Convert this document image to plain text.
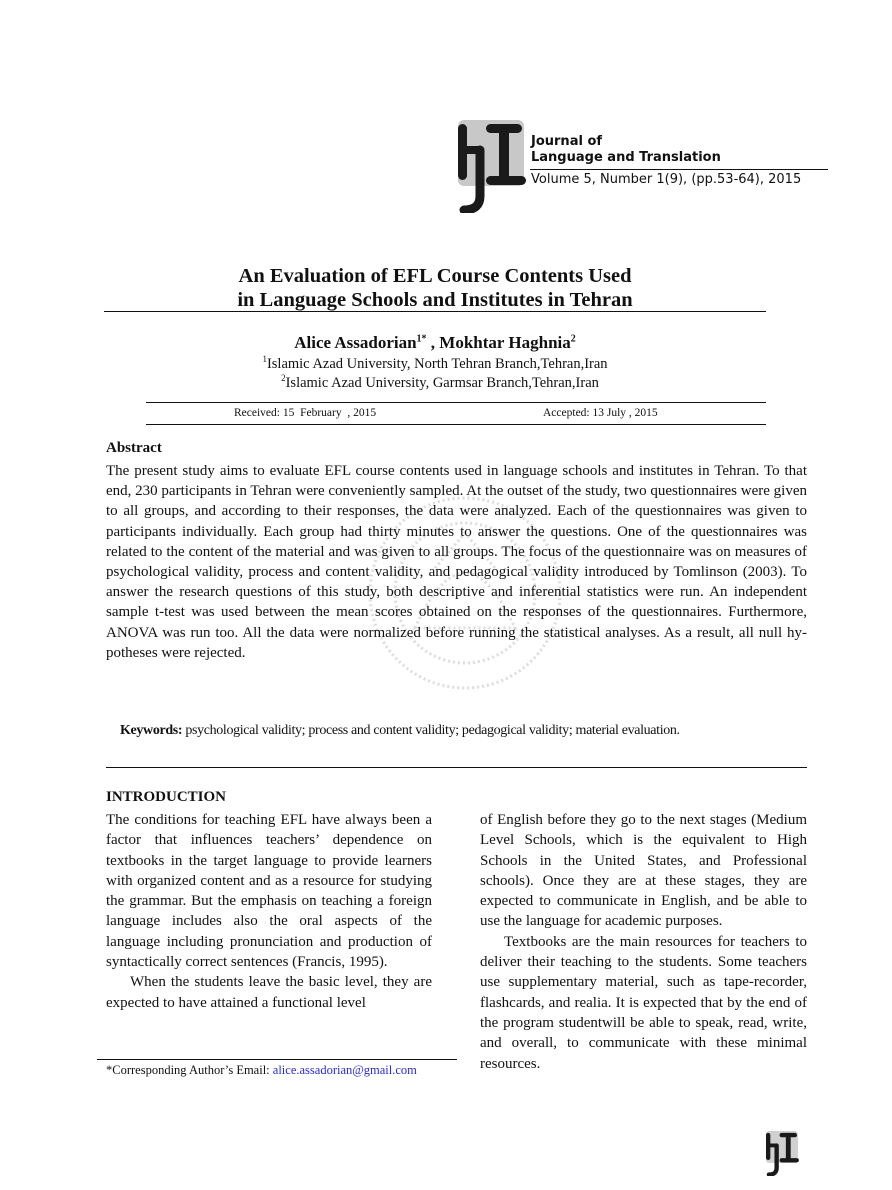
Journal of
Language and Translation
Volume 5, Number 1(9), (pp.53-64), 2015
An Evaluation of EFL Course Contents Used
in Language Schools and Institutes in Tehran
Alice Assadorian$^{1*}$ , Mokhtar Haghnia$^2$
$^1$Islamic Azad University, North Tehran Branch,Tehran,Iran
$^2$Islamic Azad University, Garmsar Branch,Tehran,Iran
Received: 15  February  , 2015	Accepted: 13 July , 2015
Abstract
The present study aims to evaluate EFL course contents used in language schools and institutes in Tehran. To that end, 230 participants in Tehran were conveniently sampled. At the outset of the study, two questionnaires were given to all groups, and according to their responses, the data were analyzed. Each of the questionnaires was given to participants individually. Each group had thirty minutes to answer the questions. One of the questionnaires was related to the content of the material and was given to all groups. The focus of the questionnaire was on measures of psychological validity, process and content validity, and pedagogical validity introduced by Tomlinson (2003). To answer the research questions of this study, both descriptive and inferential statistics were run. An independent sample t-test was used between the mean scores obtained on the responses of the questionnaires. Furthermore, ANOVA was run too. All the data were normalized before running the statistical analyses. As a result, all null hypotheses were rejected.
Keywords: psychological validity; process and content validity; pedagogical validity; material evaluation.
INTRODUCTION

The conditions for teaching EFL have always been a factor that influences teachers’ dependence on textbooks in the target language to provide learners with organized content and as a resource for studying the grammar. But the emphasis on teaching a foreign language includes also the oral aspects of the language including pronunciation and production of syntactically correct sentences (Francis, 1995).

When the students leave the basic level, they are expected to have attained a functional level

of English before they go to the next stages (Medium Level Schools, which is the equivalent to High Schools in the United States, and Professional schools). Once they are at these stages, they are expected to communicate in English, and be able to use the language for academic purposes.

Textbooks are the main resources for teachers to deliver their teaching to the students. Some teachers use supplementary material, such as tape-recorder, flashcards, and realia. It is expected that by the end of the program studentwill be able to speak, read, write, and overall, to communicate with these minimal resources.

*Corresponding Author’s Email: alice.assadorian@gmail.com
